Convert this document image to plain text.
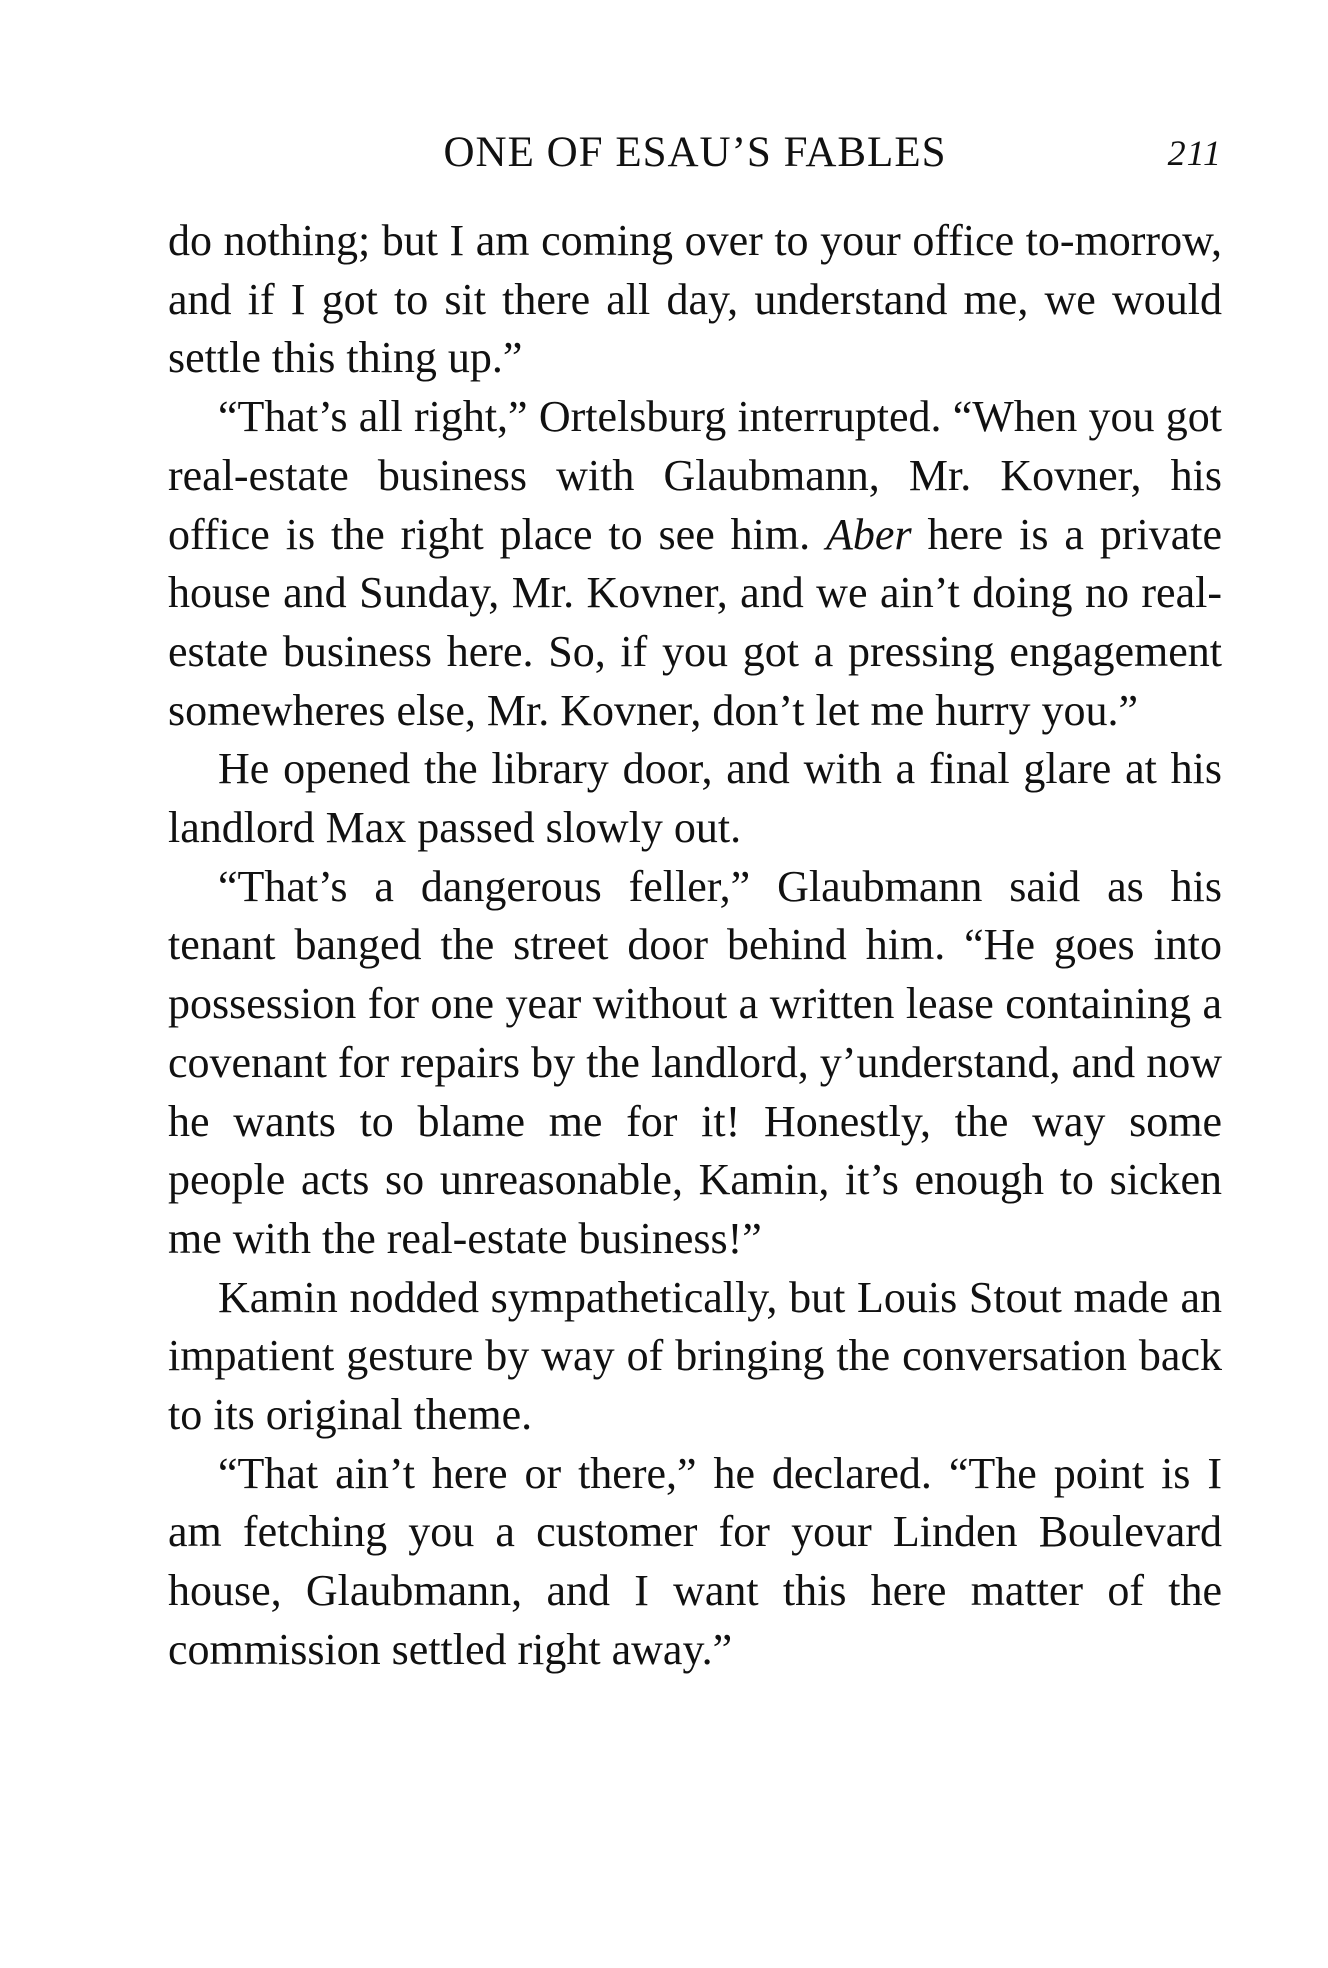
ONE OF ESAU’S FABLES	211

do nothing; but I am coming over to your office to-morrow, and if I got to sit there all day, understand me, we would settle this thing up.”

“That’s all right,” Ortelsburg interrupted. “When you got real-estate business with Glaubmann, Mr. Kovner, his office is the right place to see him. Aber here is a private house and Sunday, Mr. Kovner, and we ain’t doing no real-estate business here. So, if you got a pressing engagement somewheres else, Mr. Kovner, don’t let me hurry you.”

He opened the library door, and with a final glare at his landlord Max passed slowly out.

“That’s a dangerous feller,” Glaubmann said as his tenant banged the street door behind him. “He goes into possession for one year without a written lease containing a covenant for repairs by the landlord, y’understand, and now he wants to blame me for it! Honestly, the way some people acts so unreasonable, Kamin, it’s enough to sicken me with the real-estate business!”

Kamin nodded sympathetically, but Louis Stout made an impatient gesture by way of bringing the conversation back to its original theme.

“That ain’t here or there,” he declared. “The point is I am fetching you a customer for your Linden Boulevard house, Glaubmann, and I want this here matter of the commission settled right away.”
